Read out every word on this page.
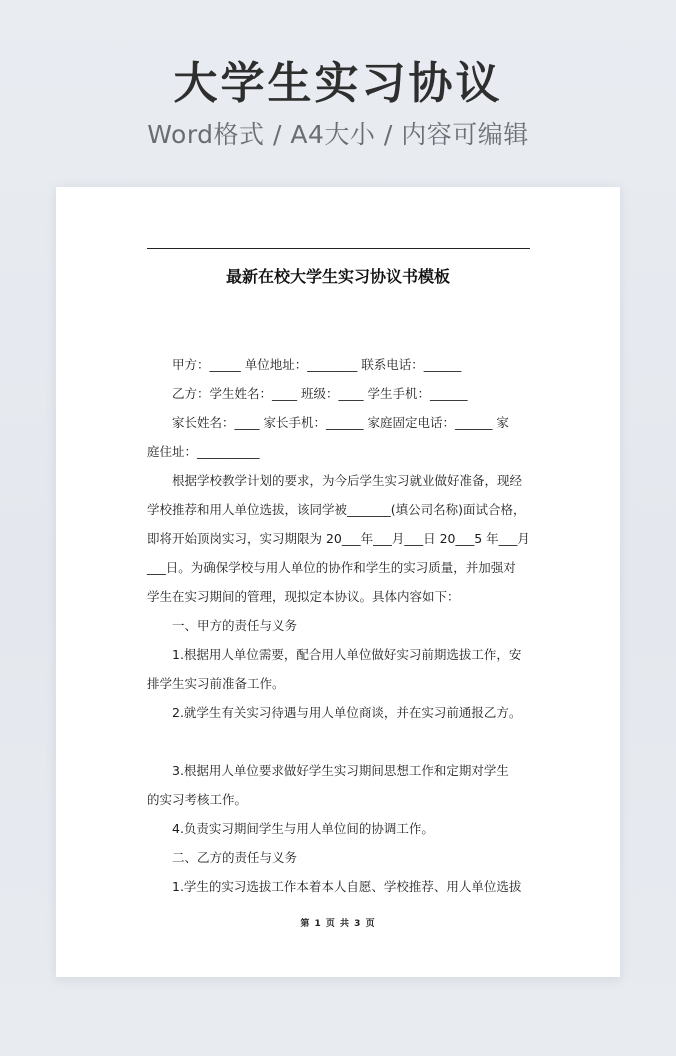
大学生实习协议
Word格式 / A4大小 / 内容可编辑
最新在校大学生实习协议书模板
甲方：_____ 单位地址：________ 联系电话：______
乙方：学生姓名：____ 班级：____ 学生手机：______
家长姓名：____ 家长手机：______ 家庭固定电话：______ 家
庭住址：__________
根据学校教学计划的要求，为今后学生实习就业做好准备，现经
学校推荐和用人单位选拔，该同学被_______(填公司名称)面试合格，
即将开始顶岗实习，实习期限为 20___年___月___日 20___5 年___月
___日。为确保学校与用人单位的协作和学生的实习质量，并加强对
学生在实习期间的管理，现拟定本协议。具体内容如下：
一、甲方的责任与义务
1.根据用人单位需要，配合用人单位做好实习前期选拔工作，安
排学生实习前准备工作。
2.就学生有关实习待遇与用人单位商谈，并在实习前通报乙方。
3.根据用人单位要求做好学生实习期间思想工作和定期对学生
的实习考核工作。
4.负责实习期间学生与用人单位间的协调工作。
二、乙方的责任与义务
1.学生的实习选拔工作本着本人自愿、学校推荐、用人单位选拔
第 1 页 共 3 页
